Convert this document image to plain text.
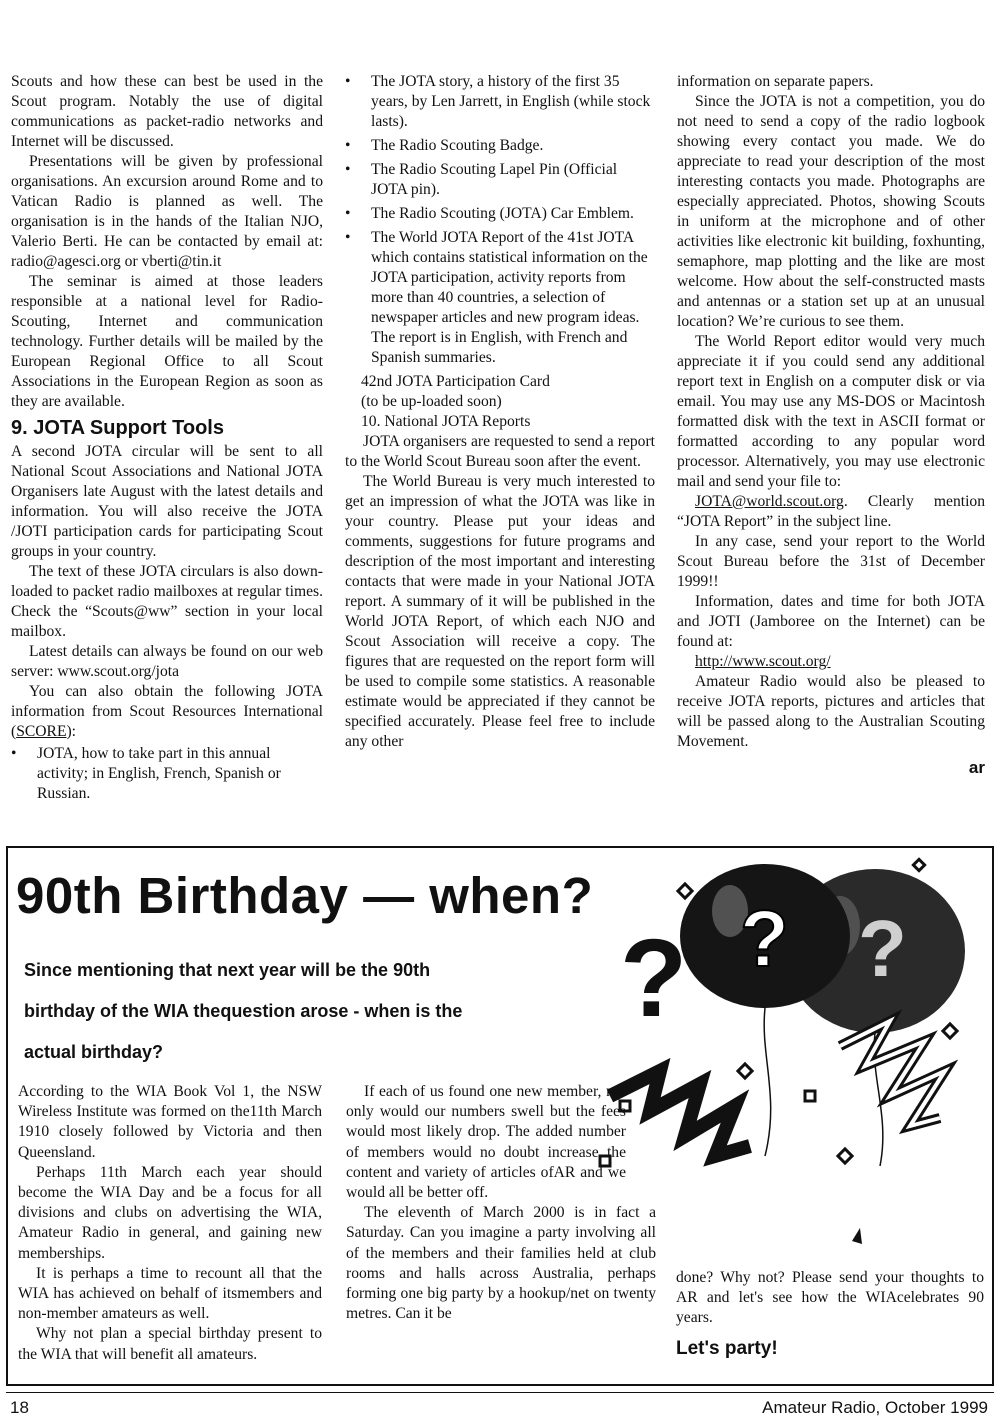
Scouts and how these can best be used in the Scout program. Notably the use of digital communications as packet-radio networks and Internet will be discussed.

Presentations will be given by professional organisations. An excursion around Rome and to Vatican Radio is planned as well. The organisation is in the hands of the Italian NJO, Valerio Berti. He can be contacted by email at: radio@agesci.org or vberti@tin.it

The seminar is aimed at those leaders responsible at a national level for Radio-Scouting, Internet and communication technology. Further details will be mailed by the European Regional Office to all Scout Associations in the European Region as soon as they are available.

9. JOTA Support Tools

A second JOTA circular will be sent to all National Scout Associations and National JOTA Organisers late August with the latest details and information. You will also receive the JOTA /JOTI participation cards for participating Scout groups in your country.

The text of these JOTA circulars is also down-loaded to packet radio mailboxes at regular times. Check the “Scouts@ww” section in your local mailbox.

Latest details can always be found on our web server: www.scout.org/jota

You can also obtain the following JOTA information from Scout Resources International (SCORE):

• JOTA, how to take part in this annual activity; in English, French, Spanish or Russian.
• The JOTA story, a history of the first 35 years, by Len Jarrett, in English (while stock lasts).
• The Radio Scouting Badge.
• The Radio Scouting Lapel Pin (Official JOTA pin).
• The Radio Scouting (JOTA) Car Emblem.
• The World JOTA Report of the 41st JOTA which contains statistical information on the JOTA participation, activity reports from more than 40 countries, a selection of newspaper articles and new program ideas. The report is in English, with French and Spanish summaries.
42nd JOTA Participation Card
(to be up-loaded soon)
10. National JOTA Reports

JOTA organisers are requested to send a report to the World Scout Bureau soon after the event.

The World Bureau is very much interested to get an impression of what the JOTA was like in your country. Please put your ideas and comments, suggestions for future programs and description of the most important and interesting contacts that were made in your National JOTA report. A summary of it will be published in the World JOTA Report, of which each NJO and Scout Association will receive a copy. The figures that are requested on the report form will be used to compile some statistics. A reasonable estimate would be appreciated if they cannot be specified accurately. Please feel free to include any other

information on separate papers.

Since the JOTA is not a competition, you do not need to send a copy of the radio logbook showing every contact you made. We do appreciate to read your description of the most interesting contacts you made. Photographs are especially appreciated. Photos, showing Scouts in uniform at the microphone and of other activities like electronic kit building, foxhunting, semaphore, map plotting and the like are most welcome. How about the self-constructed masts and antennas or a station set up at an unusual location? We’re curious to see them.

The World Report editor would very much appreciate it if you could send any additional report text in English on a computer disk or via email. You may use any MS-DOS or Macintosh formatted disk with the text in ASCII format or formatted according to any popular word processor. Alternatively, you may use electronic mail and send your file to:

JOTA@world.scout.org. Clearly mention “JOTA Report” in the subject line.

In any case, send your report to the World Scout Bureau before the 31st of December 1999!!

Information, dates and time for both JOTA and JOTI (Jamboree on the Internet) can be found at:

http://www.scout.org/

Amateur Radio would also be pleased to receive JOTA reports, pictures and articles that will be passed along to the Australian Scouting Movement.

ar
?
?
?
90th Birthday — when?
Since mentioning that next year will be the 90th
birthday of the WIA thequestion arose - when is the
actual birthday?

According to the WIA Book Vol 1, the NSW Wireless Institute was formed on the11th March 1910 closely followed by Victoria and then Queensland.

Perhaps 11th March each year should become the WIA Day and be a focus for all divisions and clubs on advertising the WIA, Amateur Radio in general, and gaining new memberships.

It is perhaps a time to recount all that the WIA has achieved on behalf of itsmembers and non-member amateurs as well.

Why not plan a special birthday present to the WIA that will benefit all amateurs.

If each of us found one new member, not only would our numbers swell but the fees would most likely drop. The added number of members would no doubt increase the content and variety of articles ofAR and we would all be better off.

The eleventh of March 2000 is in fact a Saturday. Can you imagine a party involving all of the members and their families held at club rooms and halls across Australia, perhaps forming one big party by a hookup/net on twenty metres. Can it be

done? Why not? Please send your thoughts to AR and let's see how the WIAcelebrates 90 years.

Let's party!
18	Amateur Radio, October 1999
